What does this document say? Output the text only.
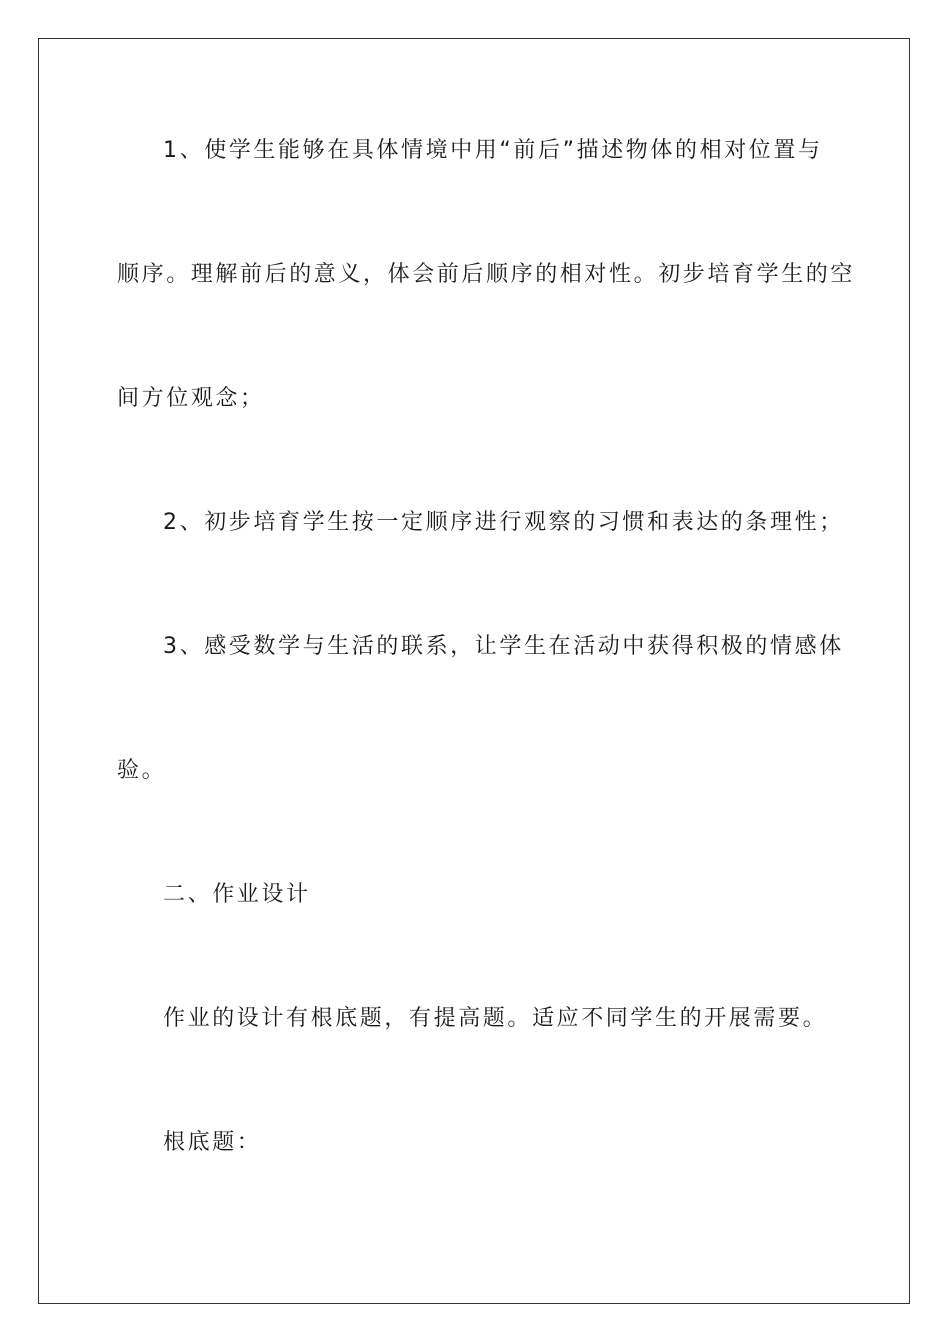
1、使学生能够在具体情境中用“前后”描述物体的相对位置与

顺序。理解前后的意义，体会前后顺序的相对性。初步培育学生的空

间方位观念；

2、初步培育学生按一定顺序进行观察的习惯和表达的条理性；

3、感受数学与生活的联系，让学生在活动中获得积极的情感体

验。

二、作业设计

作业的设计有根底题，有提高题。适应不同学生的开展需要。

根底题：
